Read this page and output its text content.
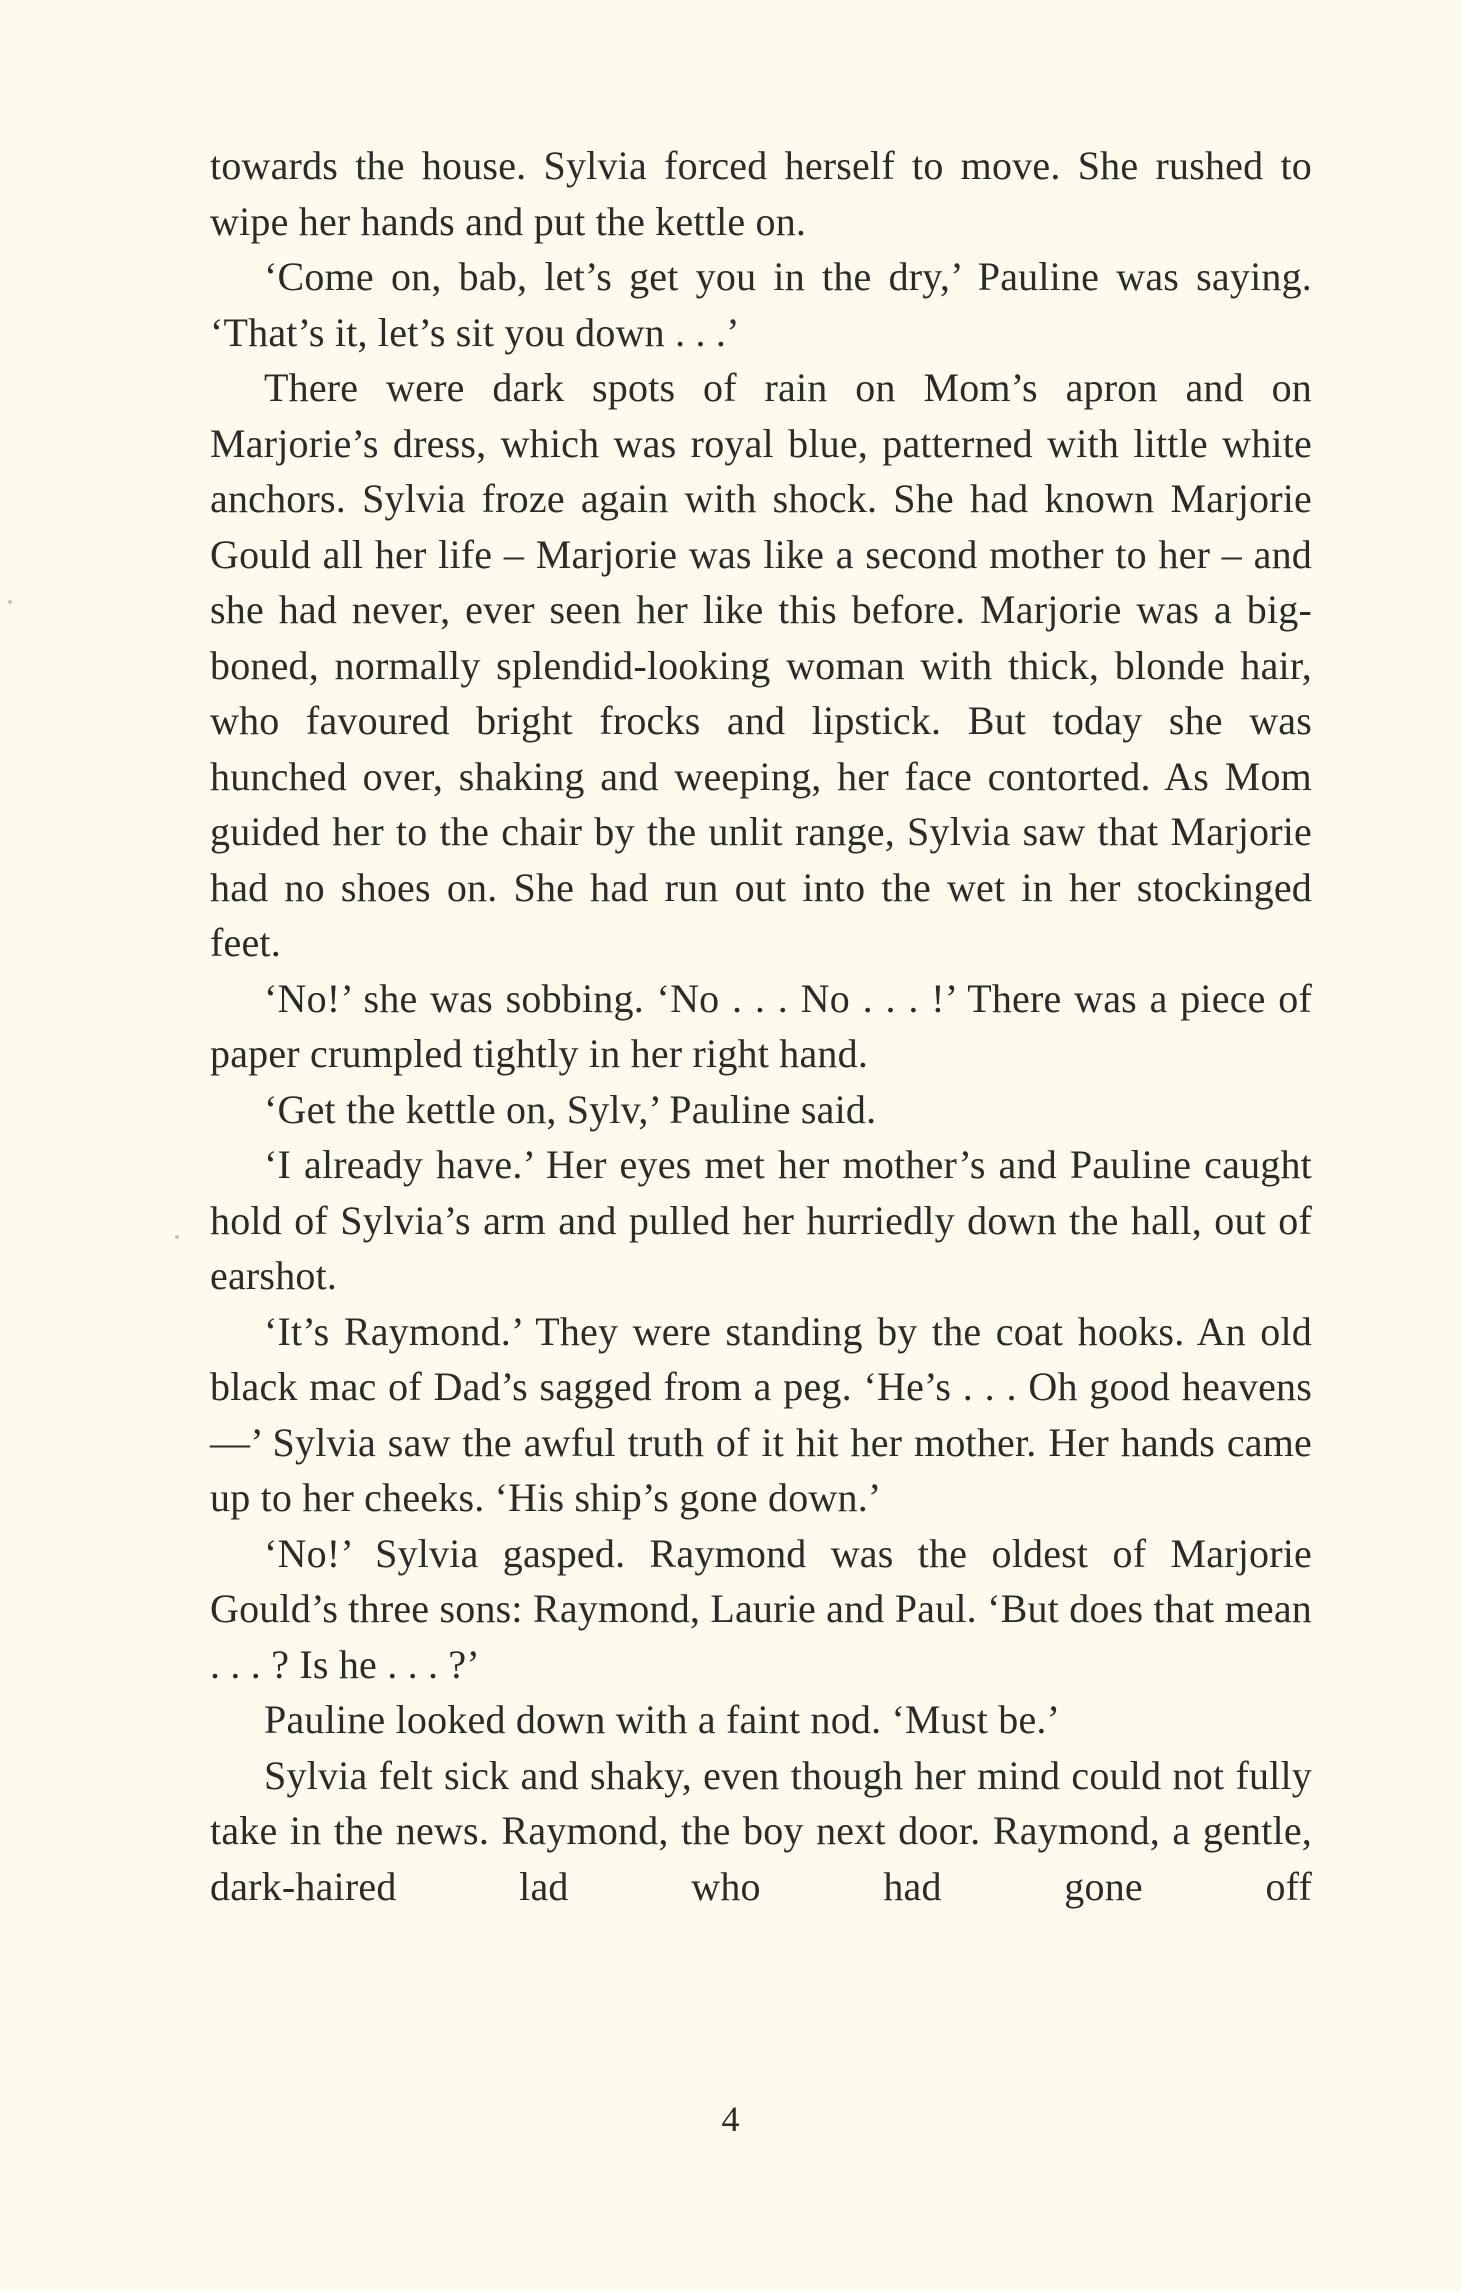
towards the house. Sylvia forced herself to move. She rushed to wipe her hands and put the kettle on.

‘Come on, bab, let’s get you in the dry,’ Pauline was saying. ‘That’s it, let’s sit you down . . .’

There were dark spots of rain on Mom’s apron and on Marjorie’s dress, which was royal blue, patterned with little white anchors. Sylvia froze again with shock. She had known Marjorie Gould all her life – Marjorie was like a second mother to her – and she had never, ever seen her like this before. Marjorie was a big-boned, normally splendid-looking woman with thick, blonde hair, who favoured bright frocks and lipstick. But today she was hunched over, shaking and weeping, her face contorted. As Mom guided her to the chair by the unlit range, Sylvia saw that Marjorie had no shoes on. She had run out into the wet in her stockinged feet.

‘No!’ she was sobbing. ‘No . . . No . . . !’ There was a piece of paper crumpled tightly in her right hand.

‘Get the kettle on, Sylv,’ Pauline said.

‘I already have.’ Her eyes met her mother’s and Pauline caught hold of Sylvia’s arm and pulled her hurriedly down the hall, out of earshot.

‘It’s Raymond.’ They were standing by the coat hooks. An old black mac of Dad’s sagged from a peg. ‘He’s . . . Oh good heavens—’ Sylvia saw the awful truth of it hit her mother. Her hands came up to her cheeks. ‘His ship’s gone down.’

‘No!’ Sylvia gasped. Raymond was the oldest of Marjorie Gould’s three sons: Raymond, Laurie and Paul. ‘But does that mean . . . ? Is he . . . ?’

Pauline looked down with a faint nod. ‘Must be.’

Sylvia felt sick and shaky, even though her mind could not fully take in the news. Raymond, the boy next door. Raymond, a gentle, dark-haired lad who had gone off

4
